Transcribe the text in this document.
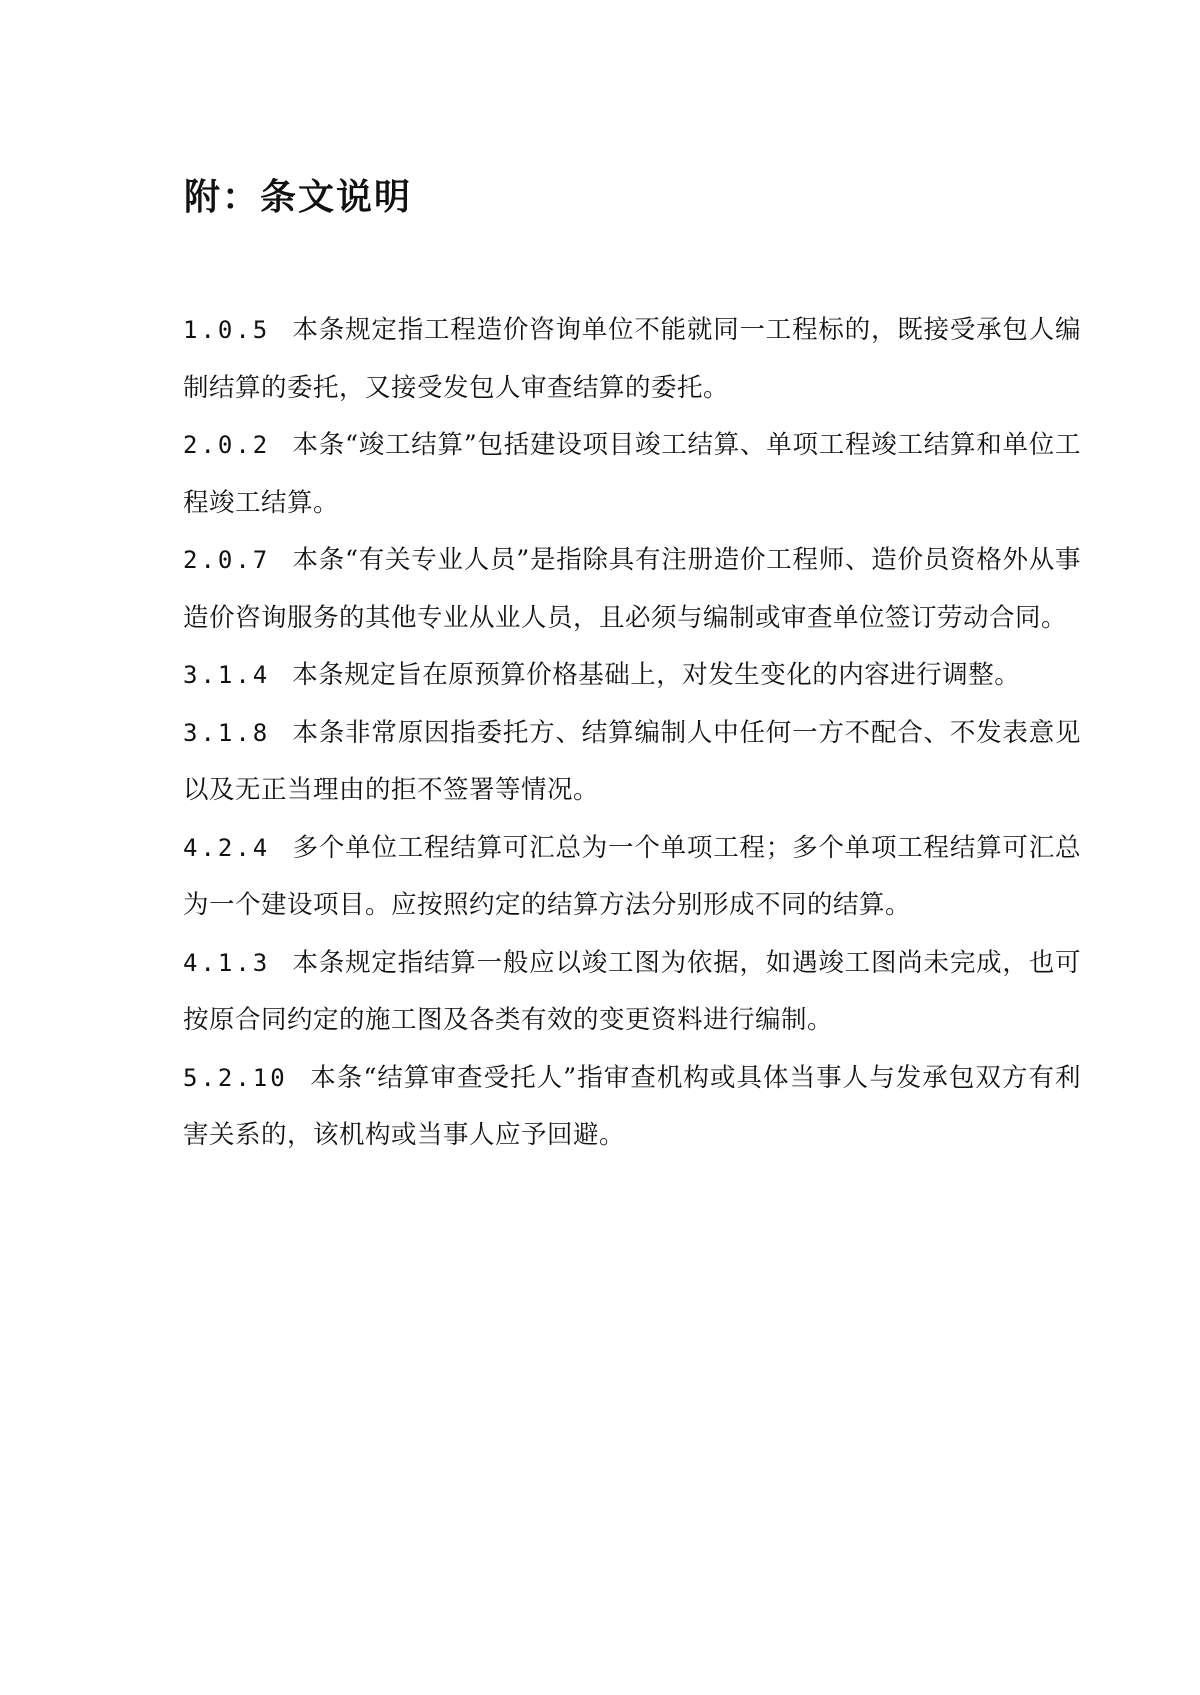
附：条文说明

1.0.5 本条规定指工程造价咨询单位不能就同一工程标的，既接受承包人编制结算的委托，又接受发包人审查结算的委托。

2.0.2 本条“竣工结算”包括建设项目竣工结算、单项工程竣工结算和单位工程竣工结算。

2.0.7 本条“有关专业人员”是指除具有注册造价工程师、造价员资格外从事造价咨询服务的其他专业从业人员，且必须与编制或审查单位签订劳动合同。

3.1.4 本条规定旨在原预算价格基础上，对发生变化的内容进行调整。

3.1.8 本条非常原因指委托方、结算编制人中任何一方不配合、不发表意见以及无正当理由的拒不签署等情况。

4.2.4 多个单位工程结算可汇总为一个单项工程；多个单项工程结算可汇总为一个建设项目。应按照约定的结算方法分别形成不同的结算。

4.1.3 本条规定指结算一般应以竣工图为依据，如遇竣工图尚未完成，也可按原合同约定的施工图及各类有效的变更资料进行编制。

5.2.10 本条“结算审查受托人”指审查机构或具体当事人与发承包双方有利害关系的，该机构或当事人应予回避。
